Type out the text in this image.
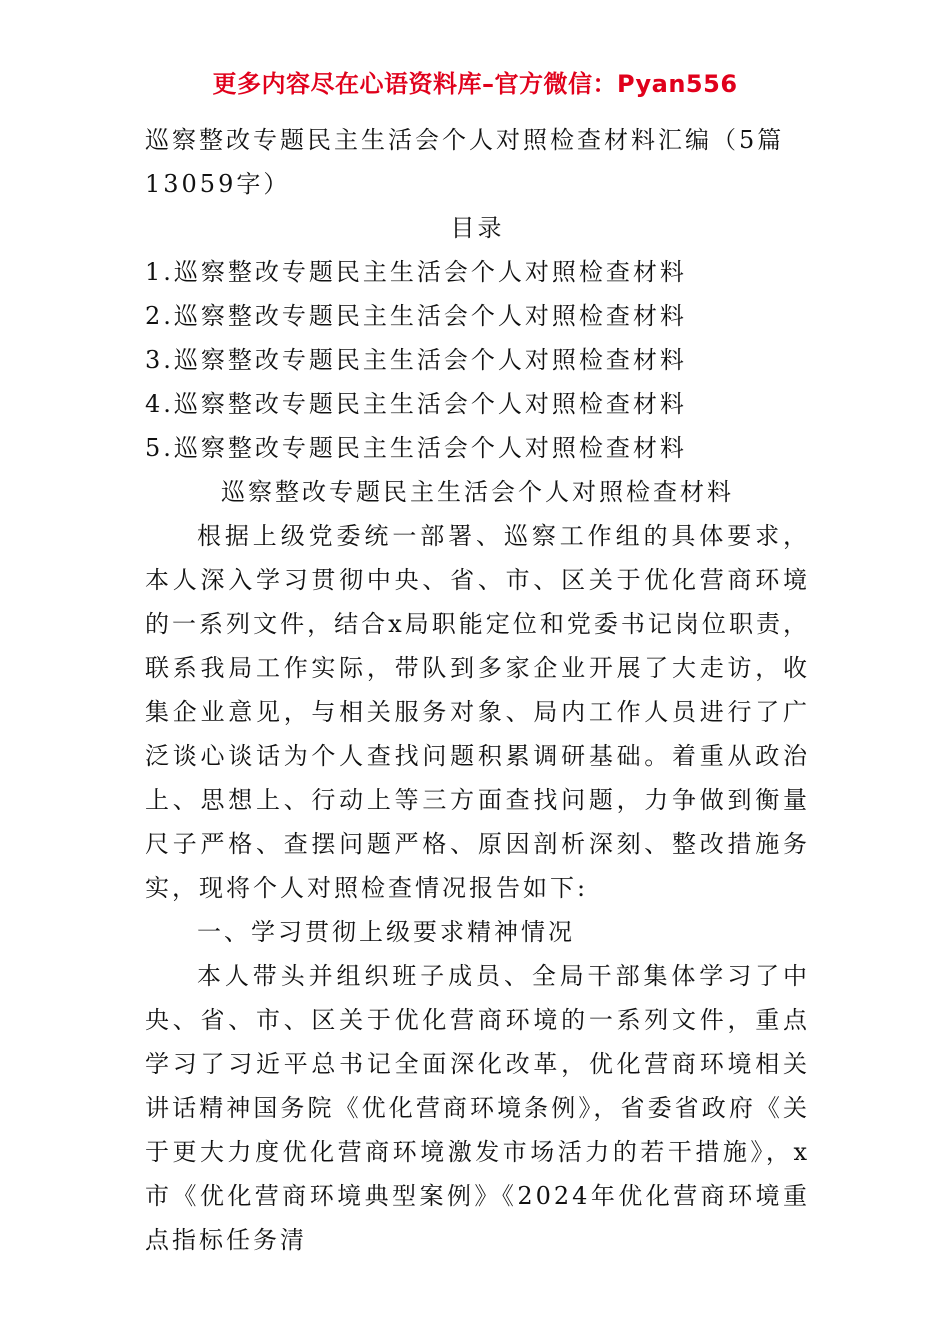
更多内容尽在心语资料库–官方微信：Pyan556
巡察整改专题民主生活会个人对照检查材料汇编（5篇
13059字）
目录
1.巡察整改专题民主生活会个人对照检查材料
2.巡察整改专题民主生活会个人对照检查材料
3.巡察整改专题民主生活会个人对照检查材料
4.巡察整改专题民主生活会个人对照检查材料
5.巡察整改专题民主生活会个人对照检查材料
巡察整改专题民主生活会个人对照检查材料
根据上级党委统一部署、巡察工作组的具体要求，本人深入学习贯彻中央、省、市、区关于优化营商环境的一系列文件，结合x局职能定位和党委书记岗位职责，联系我局工作实际，带队到多家企业开展了大走访，收集企业意见，与相关服务对象、局内工作人员进行了广泛谈心谈话为个人查找问题积累调研基础。着重从政治上、思想上、行动上等三方面查找问题，力争做到衡量尺子严格、查摆问题严格、原因剖析深刻、整改措施务实，现将个人对照检查情况报告如下:
一、学习贯彻上级要求精神情况
本人带头并组织班子成员、全局干部集体学习了中央、省、市、区关于优化营商环境的一系列文件，重点学习了习近平总书记全面深化改革，优化营商环境相关讲话精神国务院《优化营商环境条例》，省委省政府《关于更大力度优化营商环境激发市场活力的若干措施》，x市《优化营商环境典型案例》《2024年优化营商环境重点指标任务清
